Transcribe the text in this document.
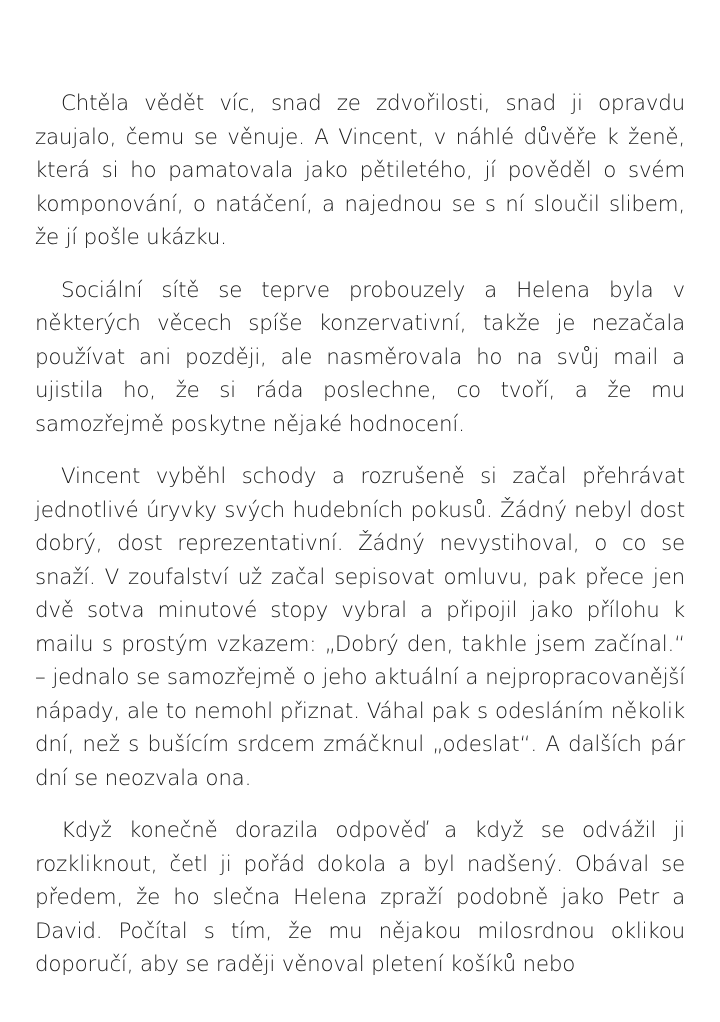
Chtěla vědět víc, snad ze zdvořilosti, snad ji opravdu zaujalo, čemu se věnuje. A Vincent, v náhlé důvěře k ženě, která si ho pamatovala jako pětiletého, jí pověděl o svém komponování, o natáčení, a najednou se s ní sloučil slibem, že jí pošle ukázku.

Sociální sítě se teprve probouzely a Helena byla v některých věcech spíše konzervativní, takže je nezačala používat ani později, ale nasměrovala ho na svůj mail a ujistila ho, že si ráda poslechne, co tvoří, a že mu samozřejmě poskytne nějaké hodnocení.

Vincent vyběhl schody a rozrušeně si začal přehrávat jednotlivé úryvky svých hudebních pokusů. Žádný nebyl dost dobrý, dost reprezentativní. Žádný nevystihoval, o co se snaží. V zoufalství už začal sepisovat omluvu, pak přece jen dvě sotva minutové stopy vybral a připojil jako přílohu k mailu s prostým vzkazem: „Dobrý den, takhle jsem začínal.“ – jednalo se samozřejmě o jeho aktuální a nejpropracovanější nápady, ale to nemohl přiznat. Váhal pak s odesláním několik dní, než s bušícím srdcem zmáčknul „odeslat“. A dalších pár dní se neozvala ona.

Když konečně dorazila odpověď a když se odvážil ji rozkliknout, četl ji pořád dokola a byl nadšený. Obával se předem, že ho slečna Helena zpraží podobně jako Petr a David. Počítal s tím, že mu nějakou milosrdnou oklikou doporučí, aby se raději věnoval pletení košíků nebo
